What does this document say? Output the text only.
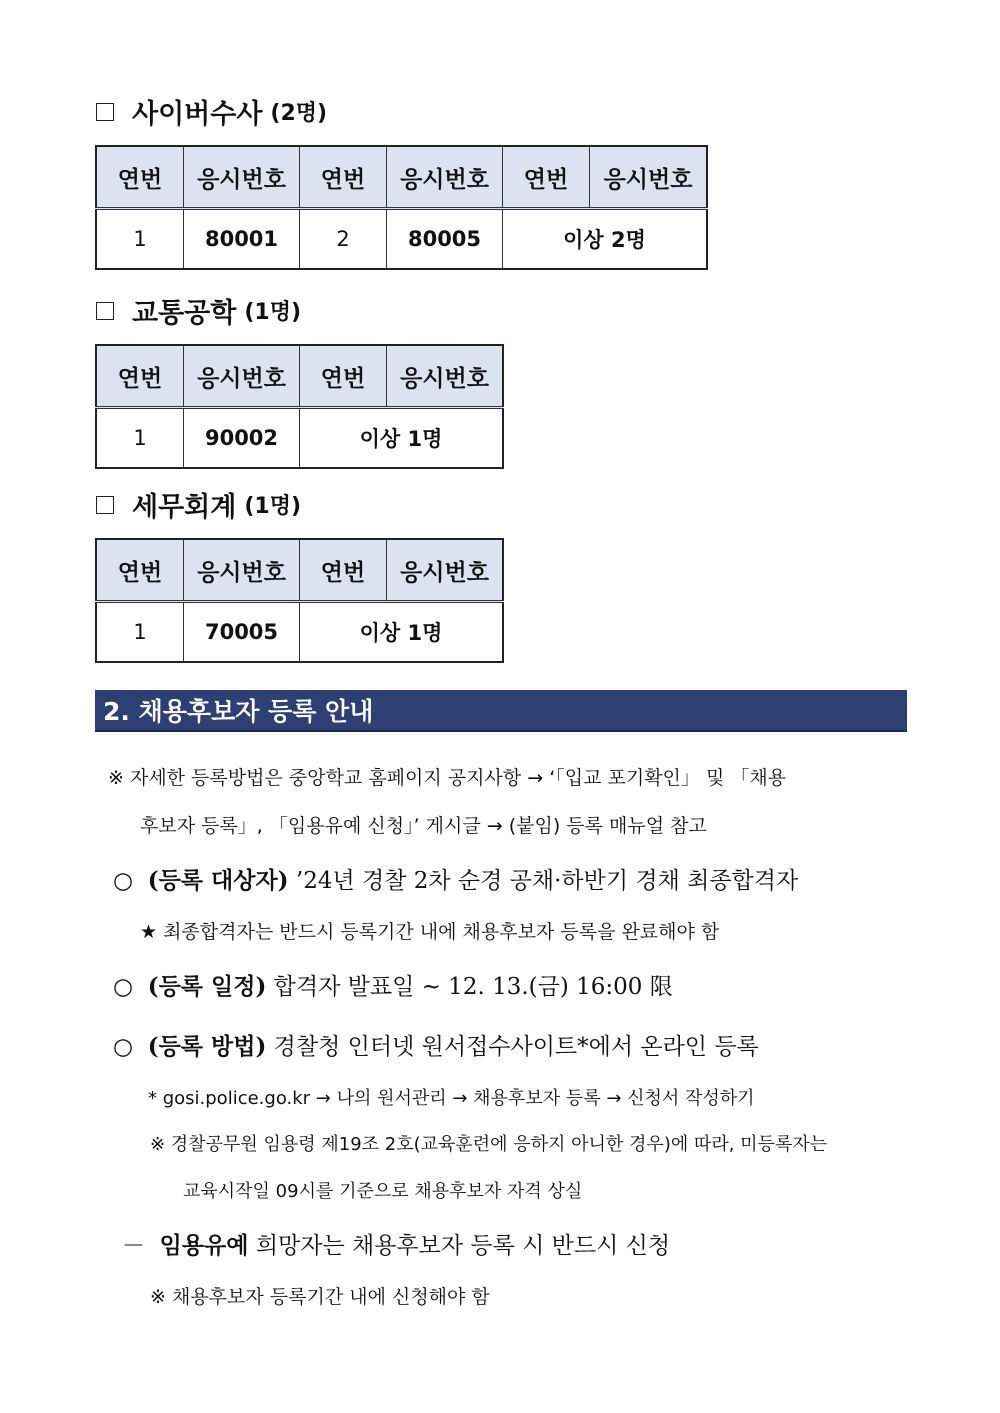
사이버수사 (2명)
연번	응시번호	연번	응시번호	연번	응시번호
1	80001	2	80005	이상 2명	
교통공학 (1명)
연번	응시번호	연번	응시번호
1	90002	이상 1명	
세무회계 (1명)
연번	응시번호	연번	응시번호
1	70005	이상 1명	
2. 채용후보자 등록 안내
※ 자세한 등록방법은 중앙학교 홈페이지 공지사항 → ‘「입교 포기확인」 및 「채용
후보자 등록」, 「임용유예 신청」’ 게시글 → (붙임) 등록 매뉴얼 참고
○ (등록 대상자) ’24년 경찰 2차 순경 공채·하반기 경채 최종합격자
★ 최종합격자는 반드시 등록기간 내에 채용후보자 등록을 완료해야 함
○ (등록 일정) 합격자 발표일 ~ 12. 13.(금) 16:00 限
○ (등록 방법) 경찰청 인터넷 원서접수사이트*에서 온라인 등록
* gosi.police.go.kr → 나의 원서관리 → 채용후보자 등록 → 신청서 작성하기
※ 경찰공무원 임용령 제19조 2호(교육훈련에 응하지 아니한 경우)에 따라, 미등록자는
교육시작일 09시를 기준으로 채용후보자 자격 상실
－ 임용유예 희망자는 채용후보자 등록 시 반드시 신청
※ 채용후보자 등록기간 내에 신청해야 함
